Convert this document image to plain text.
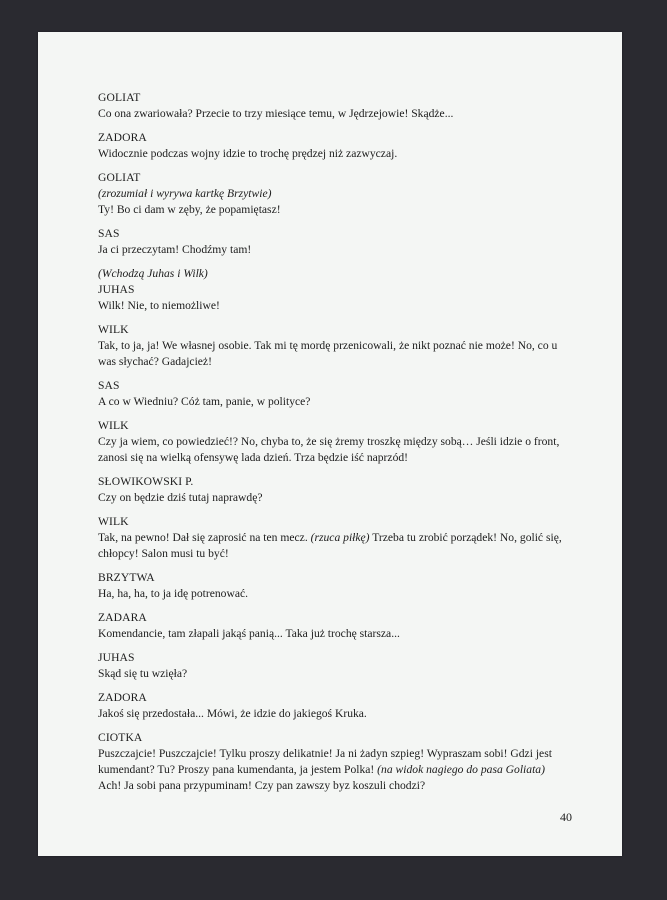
GOLIAT

Co ona zwariowała? Przecie to trzy miesiące temu, w Jędrzejowie! Skądże...

ZADORA

Widocznie podczas wojny idzie to trochę prędzej niż zazwyczaj.

GOLIAT

(zrozumiał i wyrywa kartkę Brzytwie)

Ty! Bo ci dam w zęby, że popamiętasz!

SAS

Ja ci przeczytam! Chodźmy tam!

(Wchodzą Juhas i Wilk)

JUHAS

Wilk! Nie, to niemożliwe!

WILK

Tak, to ja, ja! We własnej osobie. Tak mi tę mordę przenicowali, że nikt poznać nie może! No, co u

was słychać? Gadajcież!

SAS

A co w Wiedniu? Cóż tam, panie, w polityce?

WILK

Czy ja wiem, co powiedzieć!? No, chyba to, że się żremy troszkę między sobą… Jeśli idzie o front,

zanosi się na wielką ofensywę lada dzień. Trza będzie iść naprzód!

SŁOWIKOWSKI P.

Czy on będzie dziś tutaj naprawdę?

WILK

Tak, na pewno! Dał się zaprosić na ten mecz. (rzuca piłkę) Trzeba tu zrobić porządek! No, golić się,

chłopcy! Salon musi tu być!

BRZYTWA

Ha, ha, ha, to ja idę potrenować.

ZADARA

Komendancie, tam złapali jakąś panią... Taka już trochę starsza...

JUHAS

Skąd się tu wzięła?

ZADORA

Jakoś się przedostała... Mówi, że idzie do jakiegoś Kruka.

CIOTKA

Puszczajcie! Puszczajcie! Tylku proszy delikatnie! Ja ni żadyn szpieg! Wypraszam sobi! Gdzi jest

kumendant? Tu? Proszy pana kumendanta, ja jestem Polka! (na widok nagiego do pasa Goliata)

Ach! Ja sobi pana przypuminam! Czy pan zawszy byz koszuli chodzi?

40
